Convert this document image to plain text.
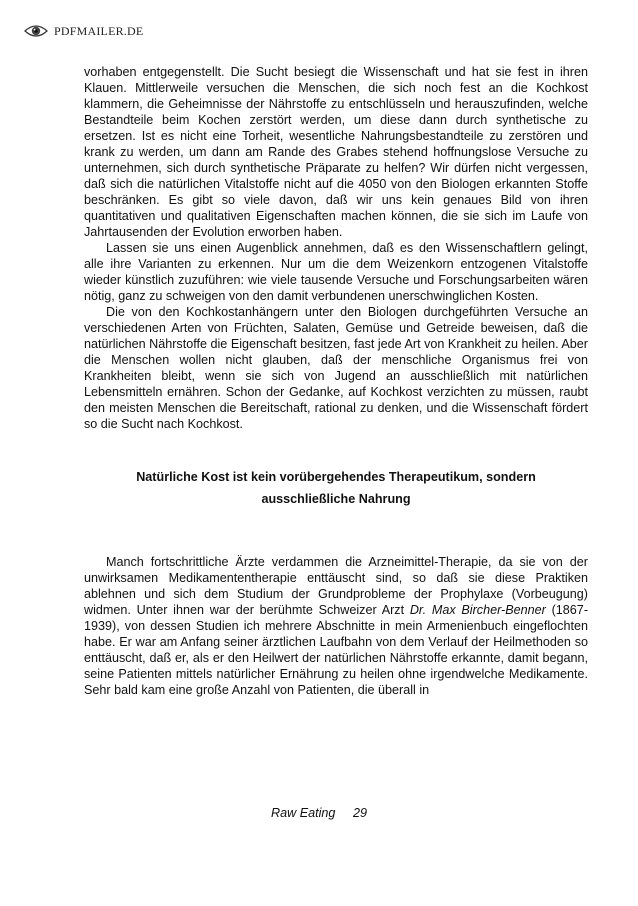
PDFMAILER.DE

vorhaben entgegenstellt. Die Sucht besiegt die Wissenschaft und hat sie fest in ihren Klauen. Mittlerweile versuchen die Menschen, die sich noch fest an die Kochkost klammern, die Geheimnisse der Nährstoffe zu entschlüsseln und herauszufinden, welche Bestandteile beim Kochen zerstört werden, um diese dann durch synthetische zu ersetzen. Ist es nicht eine Torheit, wesentliche Nahrungsbestandteile zu zerstören und krank zu werden, um dann am Rande des Grabes stehend hoffnungslose Versuche zu unternehmen, sich durch synthetische Präparate zu helfen? Wir dürfen nicht vergessen, daß sich die natürlichen Vitalstoffe nicht auf die 4050 von den Biologen erkannten Stoffe beschränken. Es gibt so viele davon, daß wir uns kein genaues Bild von ihren quantitativen und qualitativen Eigenschaften machen können, die sie sich im Laufe von Jahrtausenden der Evolution erworben haben.

Lassen sie uns einen Augenblick annehmen, daß es den Wissenschaftlern gelingt, alle ihre Varianten zu erkennen. Nur um die dem Weizenkorn entzogenen Vitalstoffe wieder künstlich zuzuführen: wie viele tausende Versuche und Forschungsarbeiten wären nötig, ganz zu schweigen von den damit verbundenen unerschwinglichen Kosten.

Die von den Kochkostanhängern unter den Biologen durchgeführten Versuche an verschiedenen Arten von Früchten, Salaten, Gemüse und Getreide beweisen, daß die natürlichen Nährstoffe die Eigenschaft besitzen, fast jede Art von Krankheit zu heilen. Aber die Menschen wollen nicht glauben, daß der menschliche Organismus frei von Krankheiten bleibt, wenn sie sich von Jugend an ausschließlich mit natürlichen Lebensmitteln ernähren. Schon der Gedanke, auf Kochkost verzichten zu müssen, raubt den meisten Menschen die Bereitschaft, rational zu denken, und die Wissenschaft fördert so die Sucht nach Kochkost.

Natürliche Kost ist kein vorübergehendes Therapeutikum, sondern ausschließliche Nahrung

Manch fortschrittliche Ärzte verdammen die Arzneimittel-Therapie, da sie von der unwirksamen Medikamententherapie enttäuscht sind, so daß sie diese Praktiken ablehnen und sich dem Studium der Grundprobleme der Prophylaxe (Vorbeugung) widmen. Unter ihnen war der berühmte Schweizer Arzt Dr. Max Bircher-Benner (1867-1939), von dessen Studien ich mehrere Abschnitte in mein Armenienbuch eingeflochten habe. Er war am Anfang seiner ärztlichen Laufbahn von dem Verlauf der Heilmethoden so enttäuscht, daß er, als er den Heilwert der natürlichen Nährstoffe erkannte, damit begann, seine Patienten mittels natürlicher Ernährung zu heilen ohne irgendwelche Medikamente. Sehr bald kam eine große Anzahl von Patienten, die überall in

Raw Eating 29
